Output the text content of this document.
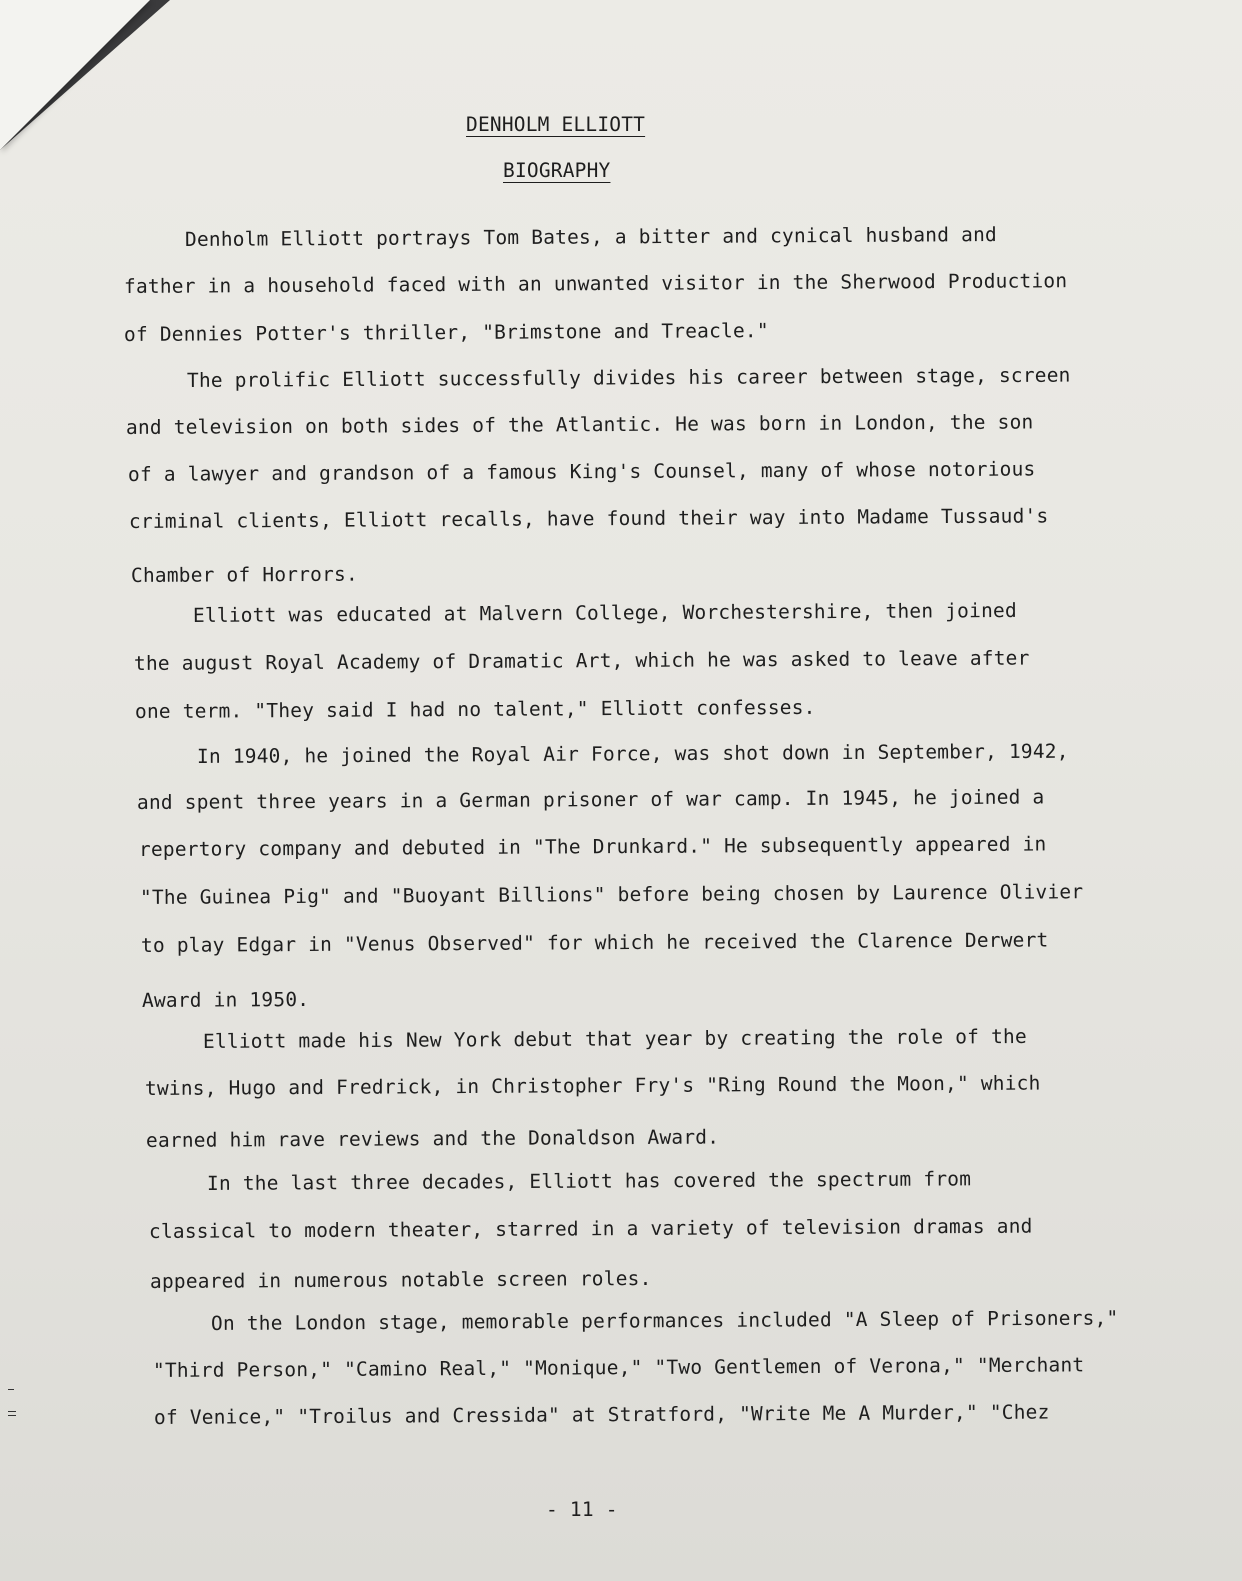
DENHOLM ELLIOTT
BIOGRAPHY
Denholm Elliott portrays Tom Bates, a bitter and cynical husband and
father in a household faced with an unwanted visitor in the Sherwood Production
of Dennies Potter's thriller, "Brimstone and Treacle."
The prolific Elliott successfully divides his career between stage, screen
and television on both sides of the Atlantic. He was born in London, the son
of a lawyer and grandson of a famous King's Counsel, many of whose notorious
criminal clients, Elliott recalls, have found their way into Madame Tussaud's
Chamber of Horrors.
Elliott was educated at Malvern College, Worchestershire, then joined
the august Royal Academy of Dramatic Art, which he was asked to leave after
one term. "They said I had no talent," Elliott confesses.
In 1940, he joined the Royal Air Force, was shot down in September, 1942,
and spent three years in a German prisoner of war camp. In 1945, he joined a
repertory company and debuted in "The Drunkard." He subsequently appeared in
"The Guinea Pig" and "Buoyant Billions" before being chosen by Laurence Olivier
to play Edgar in "Venus Observed" for which he received the Clarence Derwert
Award in 1950.
Elliott made his New York debut that year by creating the role of the
twins, Hugo and Fredrick, in Christopher Fry's "Ring Round the Moon," which
earned him rave reviews and the Donaldson Award.
In the last three decades, Elliott has covered the spectrum from
classical to modern theater, starred in a variety of television dramas and
appeared in numerous notable screen roles.
On the London stage, memorable performances included "A Sleep of Prisoners,"
"Third Person," "Camino Real," "Monique," "Two Gentlemen of Verona," "Merchant
of Venice," "Troilus and Cressida" at Stratford, "Write Me A Murder," "Chez
- 11 -
